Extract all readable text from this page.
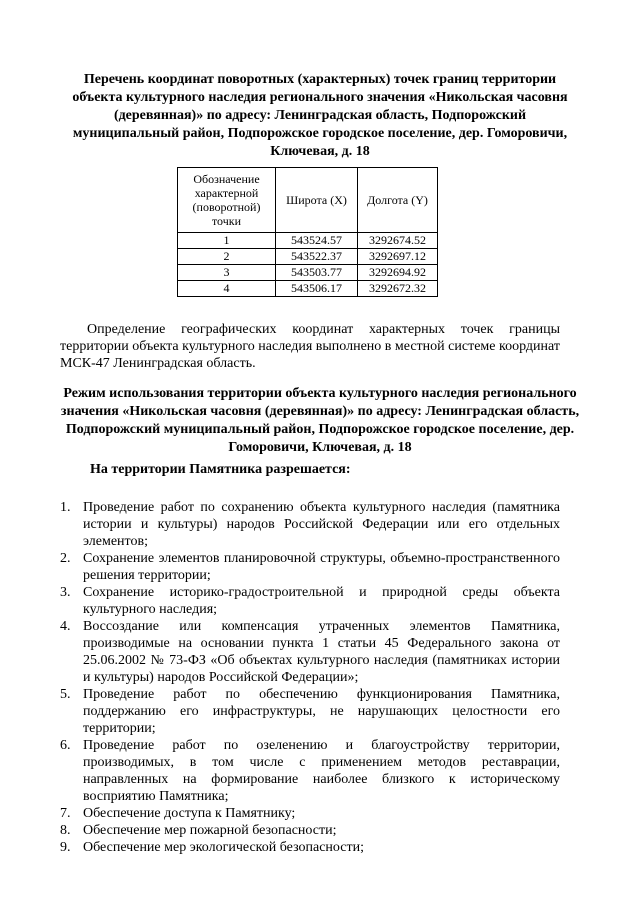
Перечень координат поворотных (характерных) точек границ территории объекта культурного наследия регионального значения «Никольская часовня (деревянная)» по адресу: Ленинградская область, Подпорожский муниципальный район, Подпорожское городское поселение, дер. Гоморовичи, Ключевая, д. 18
Обозначение характерной (поворотной) точки	Широта (X)	Долгота (Y)
1	543524.57	3292674.52
2	543522.37	3292697.12
3	543503.77	3292694.92
4	543506.17	3292672.32
Определение географических координат характерных точек границы территории объекта культурного наследия выполнено в местной системе координат МСК-47 Ленинградская область.
Режим использования территории объекта культурного наследия регионального значения «Никольская часовня (деревянная)» по адресу: Ленинградская область, Подпорожский муниципальный район, Подпорожское городское поселение, дер. Гоморовичи, Ключевая, д. 18
На территории Памятника разрешается:
1. Проведение работ по сохранению объекта культурного наследия (памятника истории и культуры) народов Российской Федерации или его отдельных элементов;
2. Сохранение элементов планировочной структуры, объемно-пространственного решения территории;
3. Сохранение историко-градостроительной и природной среды объекта культурного наследия;
4. Воссоздание или компенсация утраченных элементов Памятника, производимые на основании пункта 1 статьи 45 Федерального закона от 25.06.2002 № 73-ФЗ «Об объектах культурного наследия (памятниках истории и культуры) народов Российской Федерации»;
5. Проведение работ по обеспечению функционирования Памятника, поддержанию его инфраструктуры, не нарушающих целостности его территории;
6. Проведение работ по озеленению и благоустройству территории, производимых, в том числе с применением методов реставрации, направленных на формирование наиболее близкого к историческому восприятию Памятника;
7. Обеспечение доступа к Памятнику;
8. Обеспечение мер пожарной безопасности;
9. Обеспечение мер экологической безопасности;
